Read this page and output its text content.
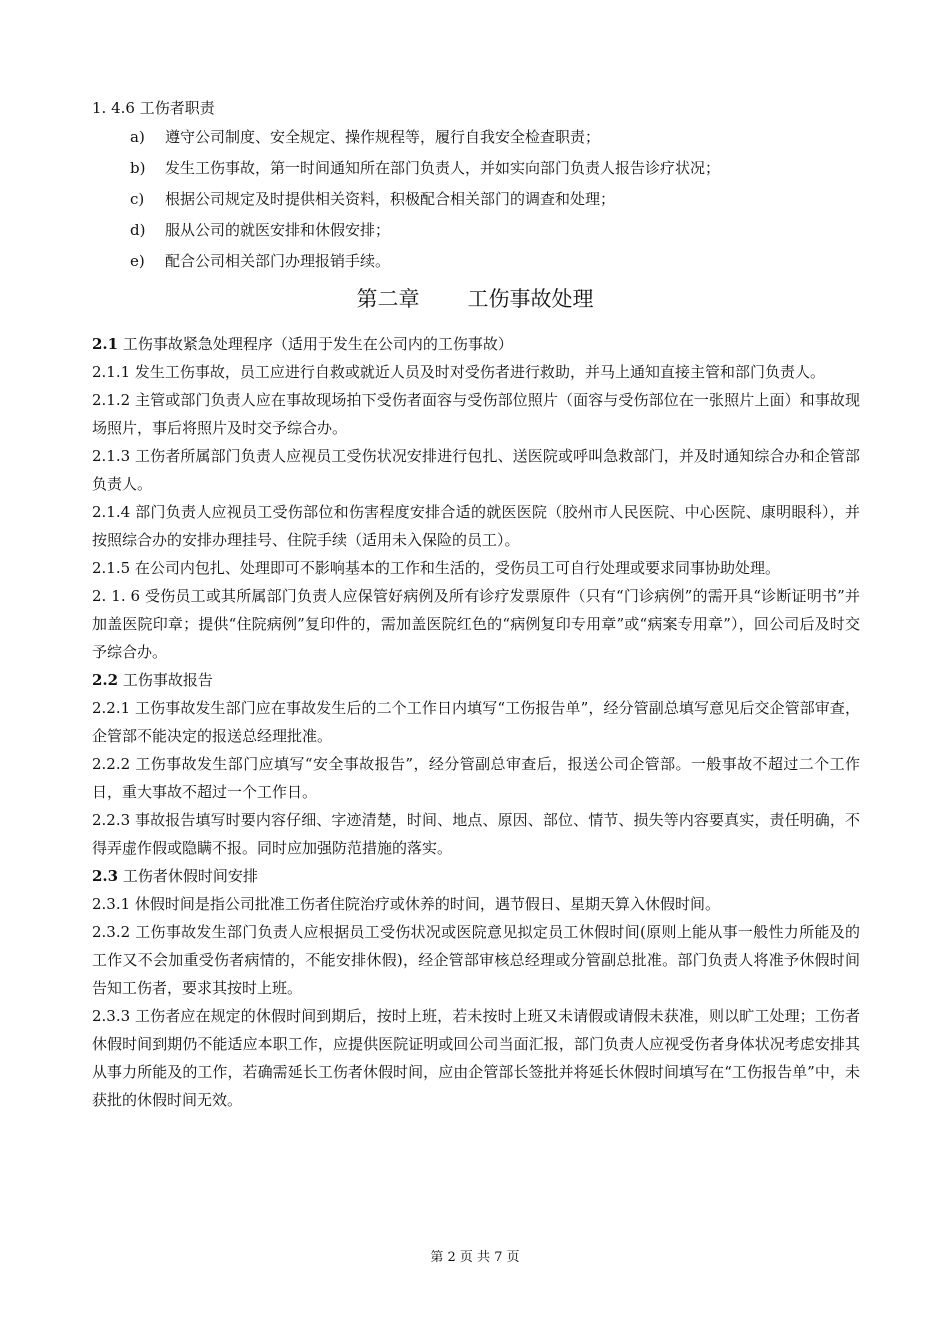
1. 4.6 工伤者职责
a)	遵守公司制度、安全规定、操作规程等，履行自我安全检查职责；
b)	发生工伤事故，第一时间通知所在部门负责人，并如实向部门负责人报告诊疗状况；
c)	根据公司规定及时提供相关资料，积极配合相关部门的调查和处理；
d)	服从公司的就医安排和休假安排；
e)	配合公司相关部门办理报销手续。
第二章 工伤事故处理

2.1 工伤事故紧急处理程序（适用于发生在公司内的工伤事故）

2.1.1 发生工伤事故，员工应进行自救或就近人员及时对受伤者进行救助，并马上通知直接主管和部门负责人。

2.1.2 主管或部门负责人应在事故现场拍下受伤者面容与受伤部位照片（面容与受伤部位在一张照片上面）和事故现场照片，事后将照片及时交予综合办。

2.1.3 工伤者所属部门负责人应视员工受伤状况安排进行包扎、送医院或呼叫急救部门，并及时通知综合办和企管部负责人。

2.1.4 部门负责人应视员工受伤部位和伤害程度安排合适的就医医院（胶州市人民医院、中心医院、康明眼科），并按照综合办的安排办理挂号、住院手续（适用未入保险的员工）。

2.1.5 在公司内包扎、处理即可不影响基本的工作和生活的，受伤员工可自行处理或要求同事协助处理。

2. 1. 6 受伤员工或其所属部门负责人应保管好病例及所有诊疗发票原件（只有“门诊病例”的需开具“诊断证明书”并加盖医院印章；提供“住院病例”复印件的，需加盖医院红色的“病例复印专用章”或“病案专用章”），回公司后及时交予综合办。

2.2 工伤事故报告

2.2.1 工伤事故发生部门应在事故发生后的二个工作日内填写“工伤报告单”，经分管副总填写意见后交企管部审查，企管部不能决定的报送总经理批准。

2.2.2 工伤事故发生部门应填写“安全事故报告”，经分管副总审查后，报送公司企管部。一般事故不超过二个工作日，重大事故不超过一个工作日。

2.2.3 事故报告填写时要内容仔细、字迹清楚，时间、地点、原因、部位、情节、损失等内容要真实，责任明确，不得弄虚作假或隐瞒不报。同时应加强防范措施的落实。

2.3 工伤者休假时间安排

2.3.1 休假时间是指公司批准工伤者住院治疗或休养的时间，遇节假日、星期天算入休假时间。

2.3.2 工伤事故发生部门负责人应根据员工受伤状况或医院意见拟定员工休假时间(原则上能从事一般性力所能及的工作又不会加重受伤者病情的，不能安排休假)，经企管部审核总经理或分管副总批准。部门负责人将准予休假时间告知工伤者，要求其按时上班。

2.3.3 工伤者应在规定的休假时间到期后，按时上班，若未按时上班又未请假或请假未获准，则以旷工处理；工伤者休假时间到期仍不能适应本职工作，应提供医院证明或回公司当面汇报，部门负责人应视受伤者身体状况考虑安排其从事力所能及的工作，若确需延长工伤者休假时间，应由企管部长签批并将延长休假时间填写在“工伤报告单”中，未获批的休假时间无效。

第 2 页 共 7 页
